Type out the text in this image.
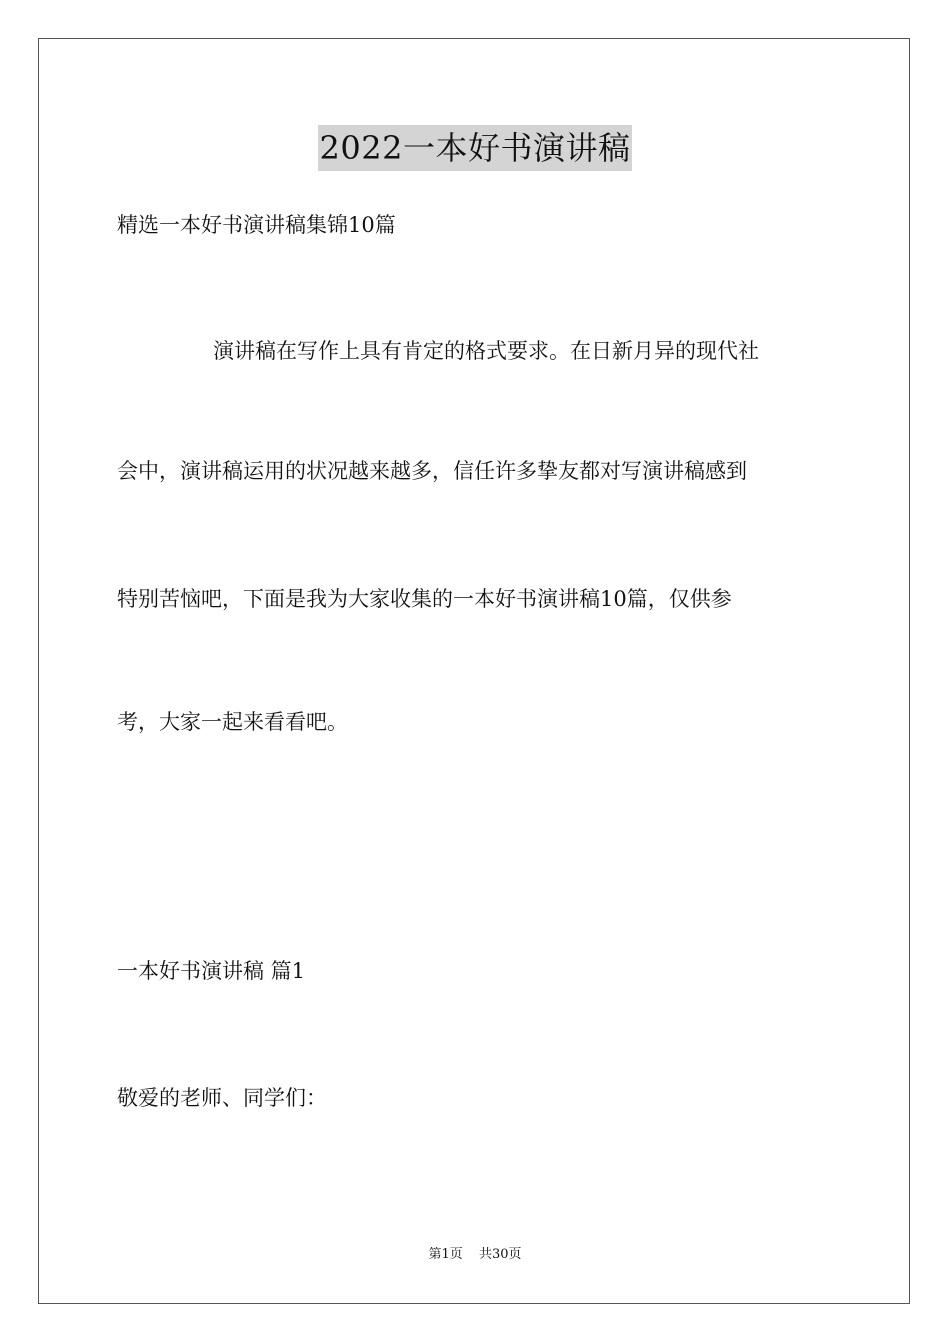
2022一本好书演讲稿
精选一本好书演讲稿集锦10篇
演讲稿在写作上具有肯定的格式要求。在日新月异的现代社
会中，演讲稿运用的状况越来越多，信任许多挚友都对写演讲稿感到
特别苦恼吧，下面是我为大家收集的一本好书演讲稿10篇，仅供参
考，大家一起来看看吧。
一本好书演讲稿 篇1
敬爱的老师、同学们：
第1页 共30页
